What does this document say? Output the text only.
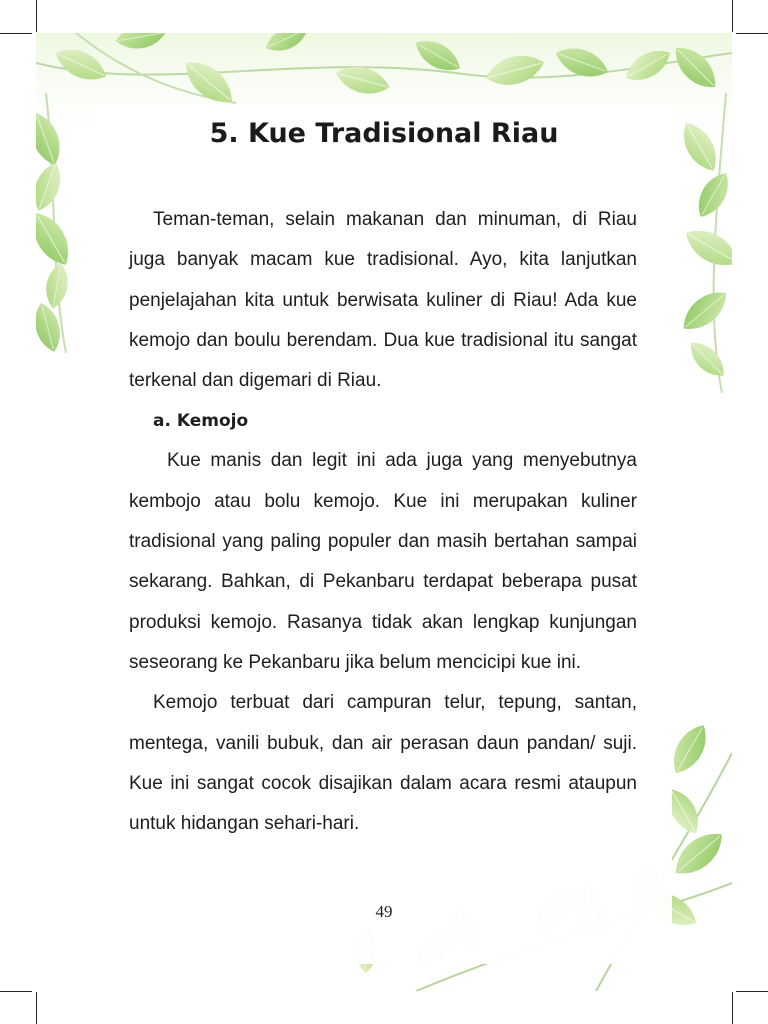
5. Kue Tradisional Riau

Teman-teman, selain makanan dan minuman, di Riau juga banyak macam kue tradisional. Ayo, kita lanjutkan penjelajahan kita untuk berwisata kuliner di Riau! Ada kue kemojo dan boulu berendam. Dua kue tradisional itu sangat terkenal dan digemari di Riau.

a. Kemojo

Kue manis dan legit ini ada juga yang menyebutnya kembojo atau bolu kemojo. Kue ini merupakan kuliner tradisional yang paling populer dan masih bertahan sampai sekarang. Bahkan, di Pekanbaru terdapat beberapa pusat produksi kemojo. Rasanya tidak akan lengkap kunjungan seseorang ke Pekanbaru jika belum mencicipi kue ini.

Kemojo terbuat dari campuran telur, tepung, santan, mentega, vanili bubuk, dan air perasan daun pandan/ suji. Kue ini sangat cocok disajikan dalam acara resmi ataupun untuk hidangan sehari-hari.

49
